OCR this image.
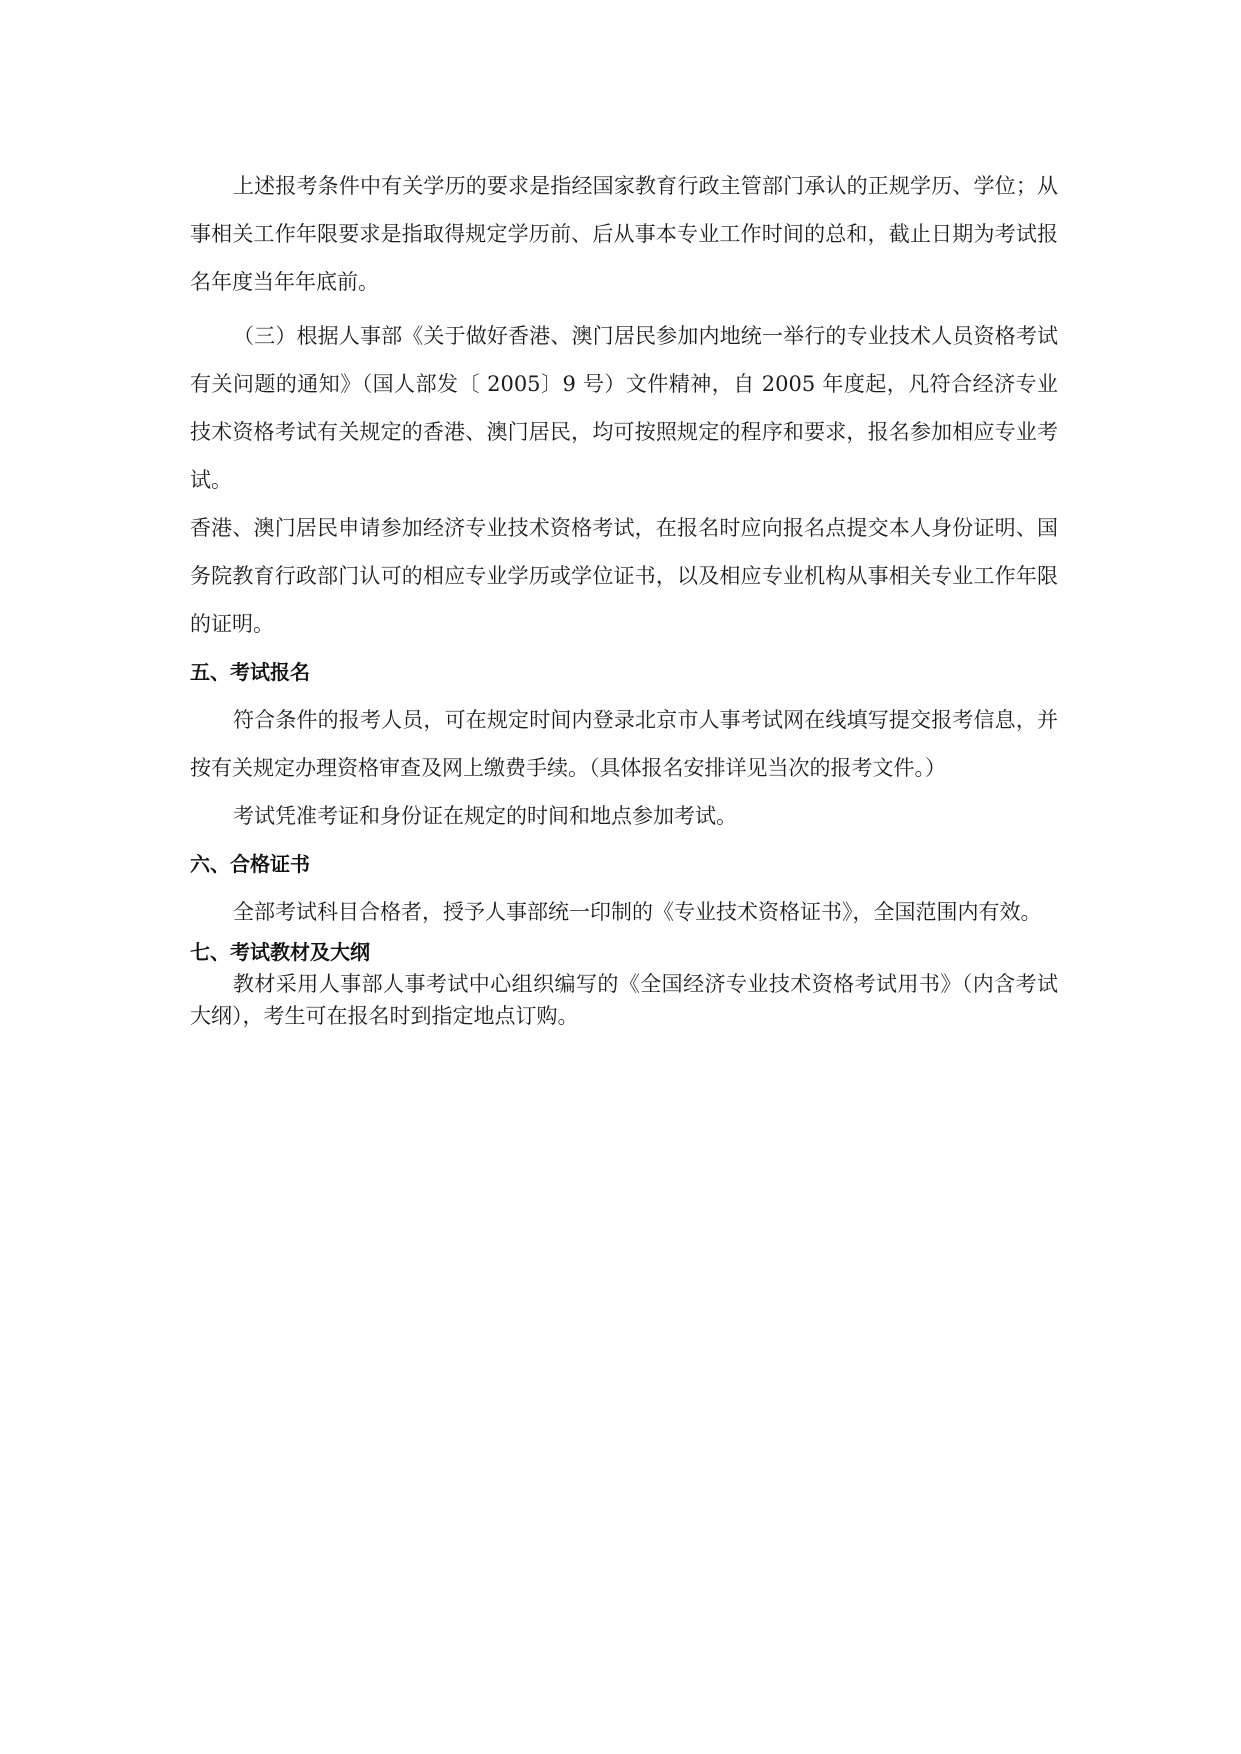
上述报考条件中有关学历的要求是指经国家教育行政主管部门承认的正规学历、学位；从事相关工作年限要求是指取得规定学历前、后从事本专业工作时间的总和，截止日期为考试报名年度当年年底前。

（三）根据人事部《关于做好香港、澳门居民参加内地统一举行的专业技术人员资格考试有关问题的通知》（国人部发〔 2005〕9 号）文件精神，自 2005 年度起，凡符合经济专业技术资格考试有关规定的香港、澳门居民，均可按照规定的程序和要求，报名参加相应专业考试。

香港、澳门居民申请参加经济专业技术资格考试，在报名时应向报名点提交本人身份证明、国务院教育行政部门认可的相应专业学历或学位证书，以及相应专业机构从事相关专业工作年限的证明。

五、考试报名

符合条件的报考人员，可在规定时间内登录北京市人事考试网在线填写提交报考信息，并按有关规定办理资格审查及网上缴费手续。（具体报名安排详见当次的报考文件。）

考试凭准考证和身份证在规定的时间和地点参加考试。

六、合格证书

全部考试科目合格者，授予人事部统一印制的《专业技术资格证书》，全国范围内有效。

七、考试教材及大纲

教材采用人事部人事考试中心组织编写的《全国经济专业技术资格考试用书》（内含考试大纲），考生可在报名时到指定地点订购。
